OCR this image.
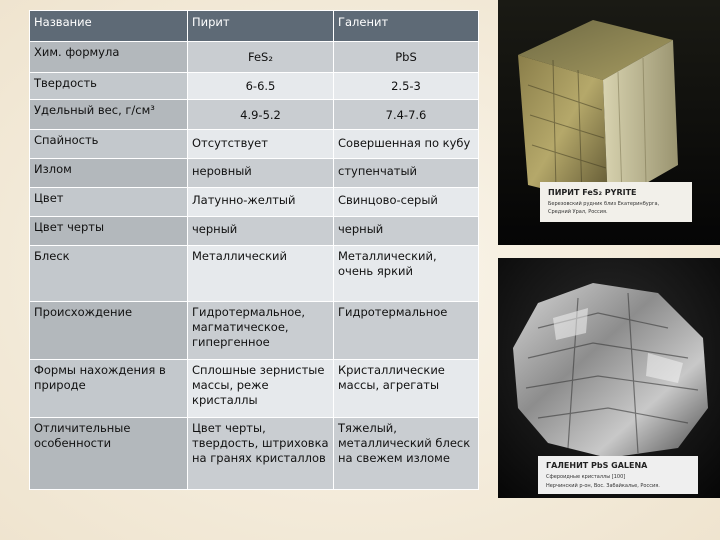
Название	Пирит	Галенит
Хим. формула	FeS₂	PbS
Твердость	6-6.5	2.5-3
Удельный вес, г/см³	4.9-5.2	7.4-7.6
Спайность	Отсутствует	Совершенная по кубу
Излом	неровный	ступенчатый
Цвет	Латунно-желтый	Свинцово-серый
Цвет черты	черный	черный
Блеск	Металлический	Металлический, очень яркий
Происхождение	Гидротермальное, магматическое, гипергенное	Гидротермальное
Формы нахождения в природе	Сплошные зернистые массы, реже кристаллы	Кристаллические массы, агрегаты
Отличительные особенности	Цвет черты, твердость, штриховка на гранях кристаллов	Тяжелый, металлический блеск на свежем изломе
ПИРИТ FeS₂ PYRITE
Березовский рудник близ Екатеринбурга,
Средний Урал, Россия.
ГАЛЕНИТ PbS GALENA
Сфероидные кристаллы [100]
Нерчинский р-он, Вос. Забайкалье, Россия.
